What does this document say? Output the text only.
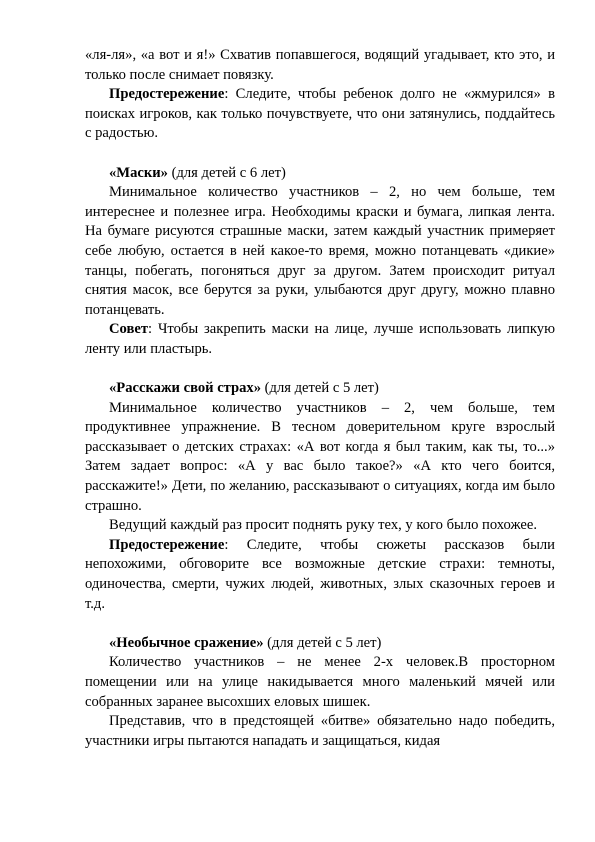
«ля-ля», «а вот и я!» Схватив попавшегося, водящий угадывает, кто это, и только после снимает повязку.

Предостережение: Следите, чтобы ребенок долго не «жмурился» в поисках игроков, как только почувствуете, что они затянулись, поддайтесь с радостью.

«Маски» (для детей с 6 лет)

Минимальное количество участников – 2, но чем больше, тем интереснее и полезнее игра. Необходимы краски и бумага, липкая лента. На бумаге рисуются страшные маски, затем каждый участник примеряет себе любую, остается в ней какое-то время, можно потанцевать «дикие» танцы, побегать, погоняться друг за другом. Затем происходит ритуал снятия масок, все берутся за руки, улыбаются друг другу, можно плавно потанцевать.

Совет: Чтобы закрепить маски на лице, лучше использовать липкую ленту или пластырь.

«Расскажи свой страх» (для детей с 5 лет)

Минимальное количество участников – 2, чем больше, тем продуктивнее упражнение. В тесном доверительном круге взрослый рассказывает о детских страхах: «А вот когда я был таким, как ты, то...» Затем задает вопрос: «А у вас было такое?» «А кто чего боится, расскажите!» Дети, по желанию, рассказывают о ситуациях, когда им было страшно.

Ведущий каждый раз просит поднять руку тех, у кого было похожее.

Предостережение: Следите, чтобы сюжеты рассказов были непохожими, обговорите все возможные детские страхи: темноты, одиночества, смерти, чужих людей, животных, злых сказочных героев и т.д.

«Необычное сражение» (для детей с 5 лет)

Количество участников – не менее 2-х человек.В просторном помещении или на улице накидывается много маленький мячей или собранных заранее высохших еловых шишек.

Представив, что в предстоящей «битве» обязательно надо победить, участники игры пытаются нападать и защищаться, кидая
